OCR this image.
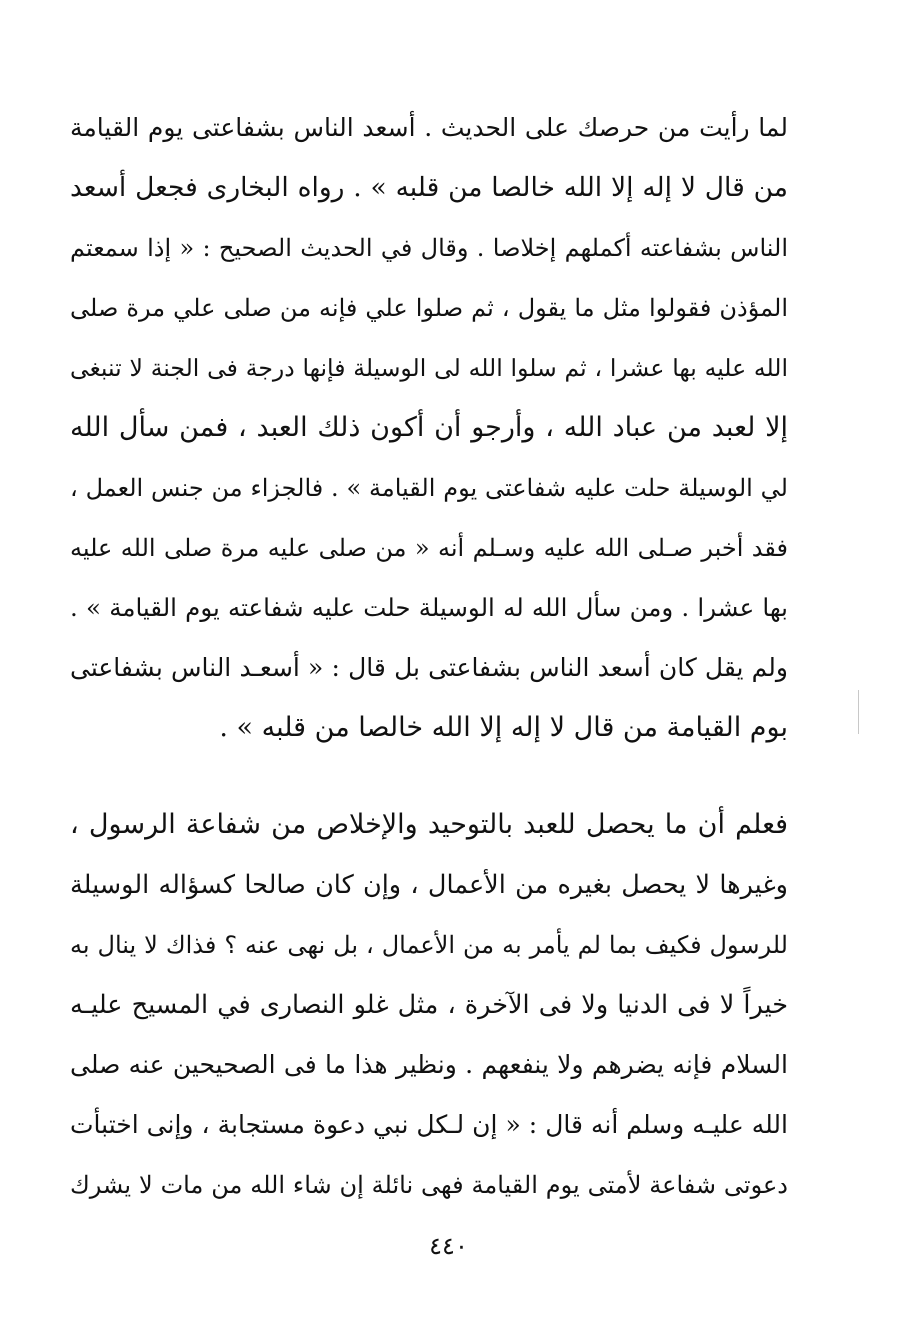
لما رأيت من حرصك على الحديث . أسعد الناس بشفاعتى يوم القيامة
من قال لا إله إلا الله خالصا من قلبه » . رواه البخارى فجعل أسعد
الناس بشفاعته أكملهم إخلاصا . وقال في الحديث الصحيح : « إذا سمعتم
المؤذن فقولوا مثل ما يقول ، ثم صلوا علي فإنه من صلى علي مرة صلى
الله عليه بها عشرا ، ثم سلوا الله لى الوسيلة فإنها درجة فى الجنة لا تنبغى
إلا لعبد من عباد الله ، وأرجو أن أكون ذلك العبد ، فمن سأل الله
لي الوسيلة حلت عليه شفاعتى يوم القيامة » . فالجزاء من جنس العمل ،
فقد أخبر صـلى الله عليه وسـلم أنه « من صلى عليه مرة صلى الله عليه
بها عشرا . ومن سأل الله له الوسيلة حلت عليه شفاعته يوم القيامة » .
ولم يقل كان أسعد الناس بشفاعتى بل قال : « أسعـد الناس بشفاعتى
بوم القيامة من قال لا إله إلا الله خالصا من قلبه » .
فعلم أن ما يحصل للعبد بالتوحيد والإخلاص من شفاعة الرسول ،
وغيرها لا يحصل بغيره من الأعمال ، وإن كان صالحا كسؤاله الوسيلة
للرسول فكيف بما لم يأمر به من الأعمال ، بل نهى عنه ؟ فذاك لا ينال به
خيراً لا فى الدنيا ولا فى الآخرة ، مثل غلو النصارى في المسيح عليـه
السلام فإنه يضرهم ولا ينفعهم . ونظير هذا ما فى الصحيحين عنه صلى
الله عليـه وسلم أنه قال : « إن لـكل نبي دعوة مستجابة ، وإنى اختبأت
دعوتى شفاعة لأمتى يوم القيامة فهى نائلة إن شاء الله من مات لا يشرك
٤٤٠
